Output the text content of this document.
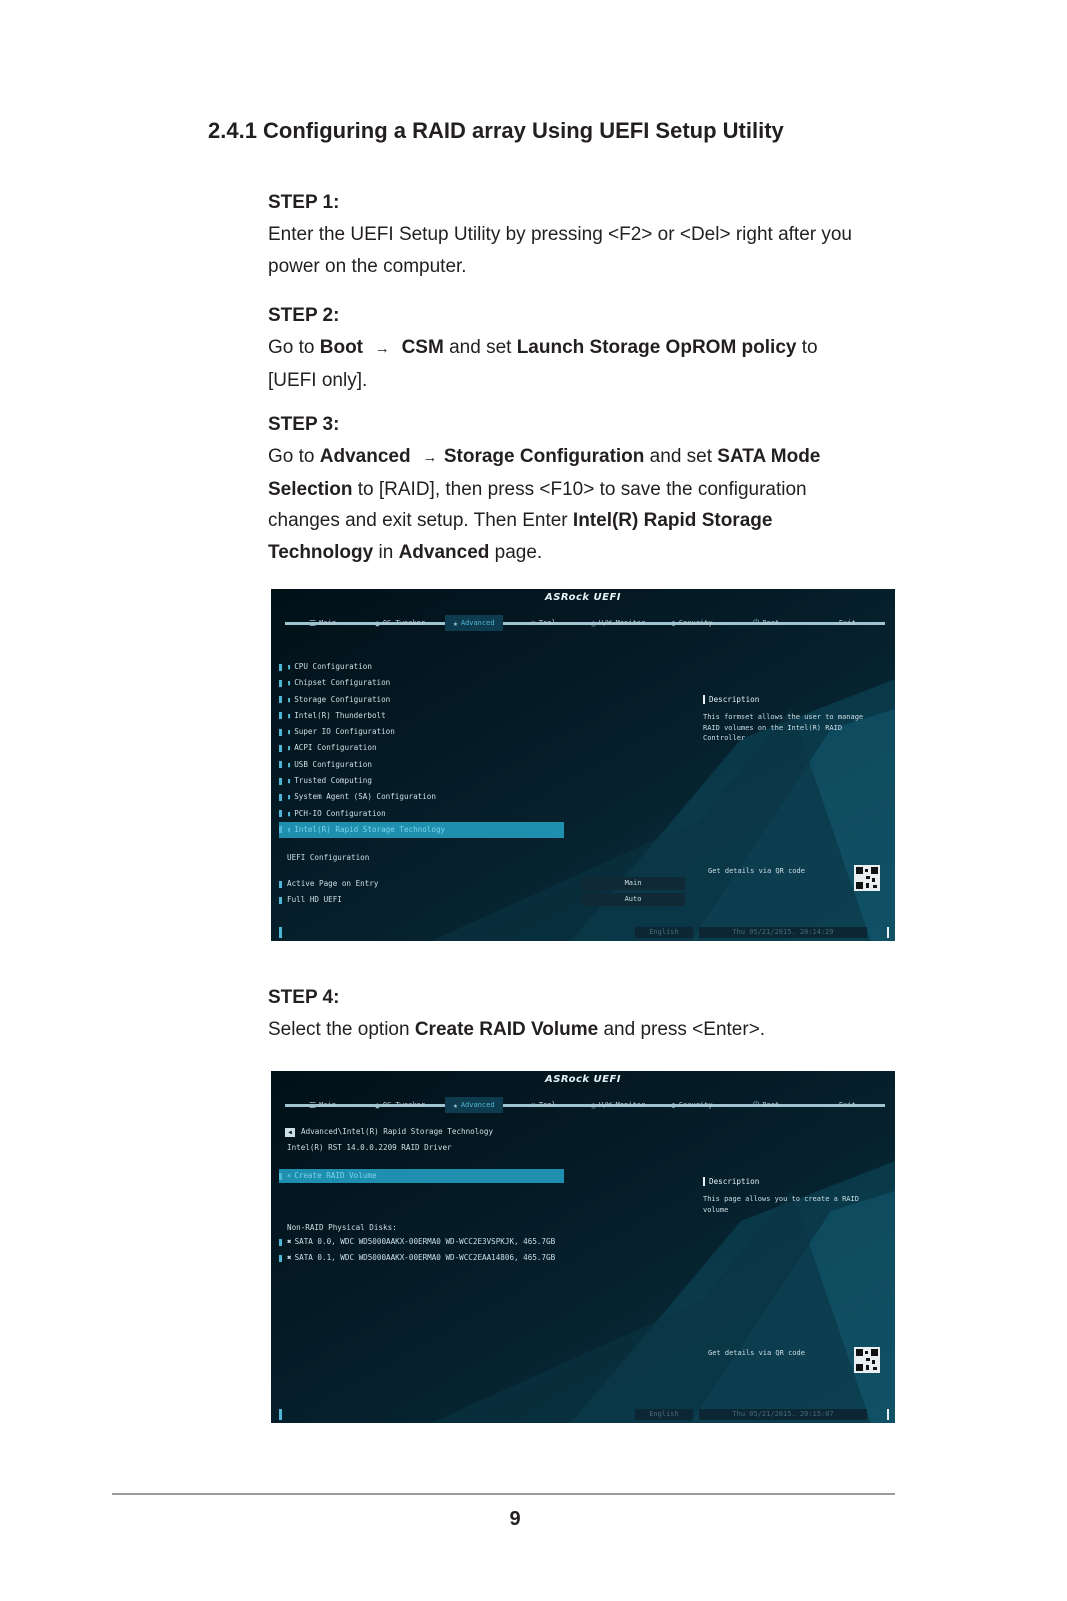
2.4.1 Configuring a RAID array Using UEFI Setup Utility
STEP 1:
Enter the UEFI Setup Utility by pressing <F2> or <Del> right after you power on the computer.
STEP 2:
Go to Boot → CSM and set Launch Storage OpROM policy to [UEFI only].
STEP 3:
Go to Advanced → Storage Configuration and set SATA Mode Selection to [RAID], then press <F10> to save the configuration changes and exit setup. Then Enter Intel(R) Rapid Storage Technology in Advanced page.
ASRock UEFI
☰ Main	● OC Tweaker	★ Advanced	✖ Tool	◔ H/W Monitor	⚙ Security	⏻ Boot	⇥ Exit
▮ CPU Configuration
▮ Chipset Configuration
▮ Storage Configuration
▮ Intel(R) Thunderbolt
▮ Super IO Configuration
▮ ACPI Configuration
▮ USB Configuration
▮ Trusted Computing
▮ System Agent (SA) Configuration
▮ PCH-IO Configuration
▮ Intel(R) Rapid Storage Technology
UEFI Configuration
Active Page on Entry
Full HD UEFI
Main
Auto
Description
This formset allows the user to manage RAID volumes on the Intel(R) RAID Controller
Get details via QR code
English	Thu 05/21/2015. 20:14:29
STEP 4:
Select the option Create RAID Volume and press <Enter>.
ASRock UEFI
☰ Main	● OC Tweaker	★ Advanced	✖ Tool	◔ H/W Monitor	⚙ Security	⏻ Boot	⇥ Exit
◀ Advanced\Intel(R) Rapid Storage Technology
Intel(R) RST 14.0.0.2209 RAID Driver
✖ Create RAID Volume
Non-RAID Physical Disks:
✖ SATA 0.0, WDC WD5000AAKX-00ERMA0 WD-WCC2E3VSPKJK, 465.7GB
✖ SATA 0.1, WDC WD5000AAKX-00ERMA0 WD-WCC2EAA14806, 465.7GB
Description
This page allows you to create a RAID volume
Get details via QR code
English	Thu 05/21/2015. 20:15:07
9
